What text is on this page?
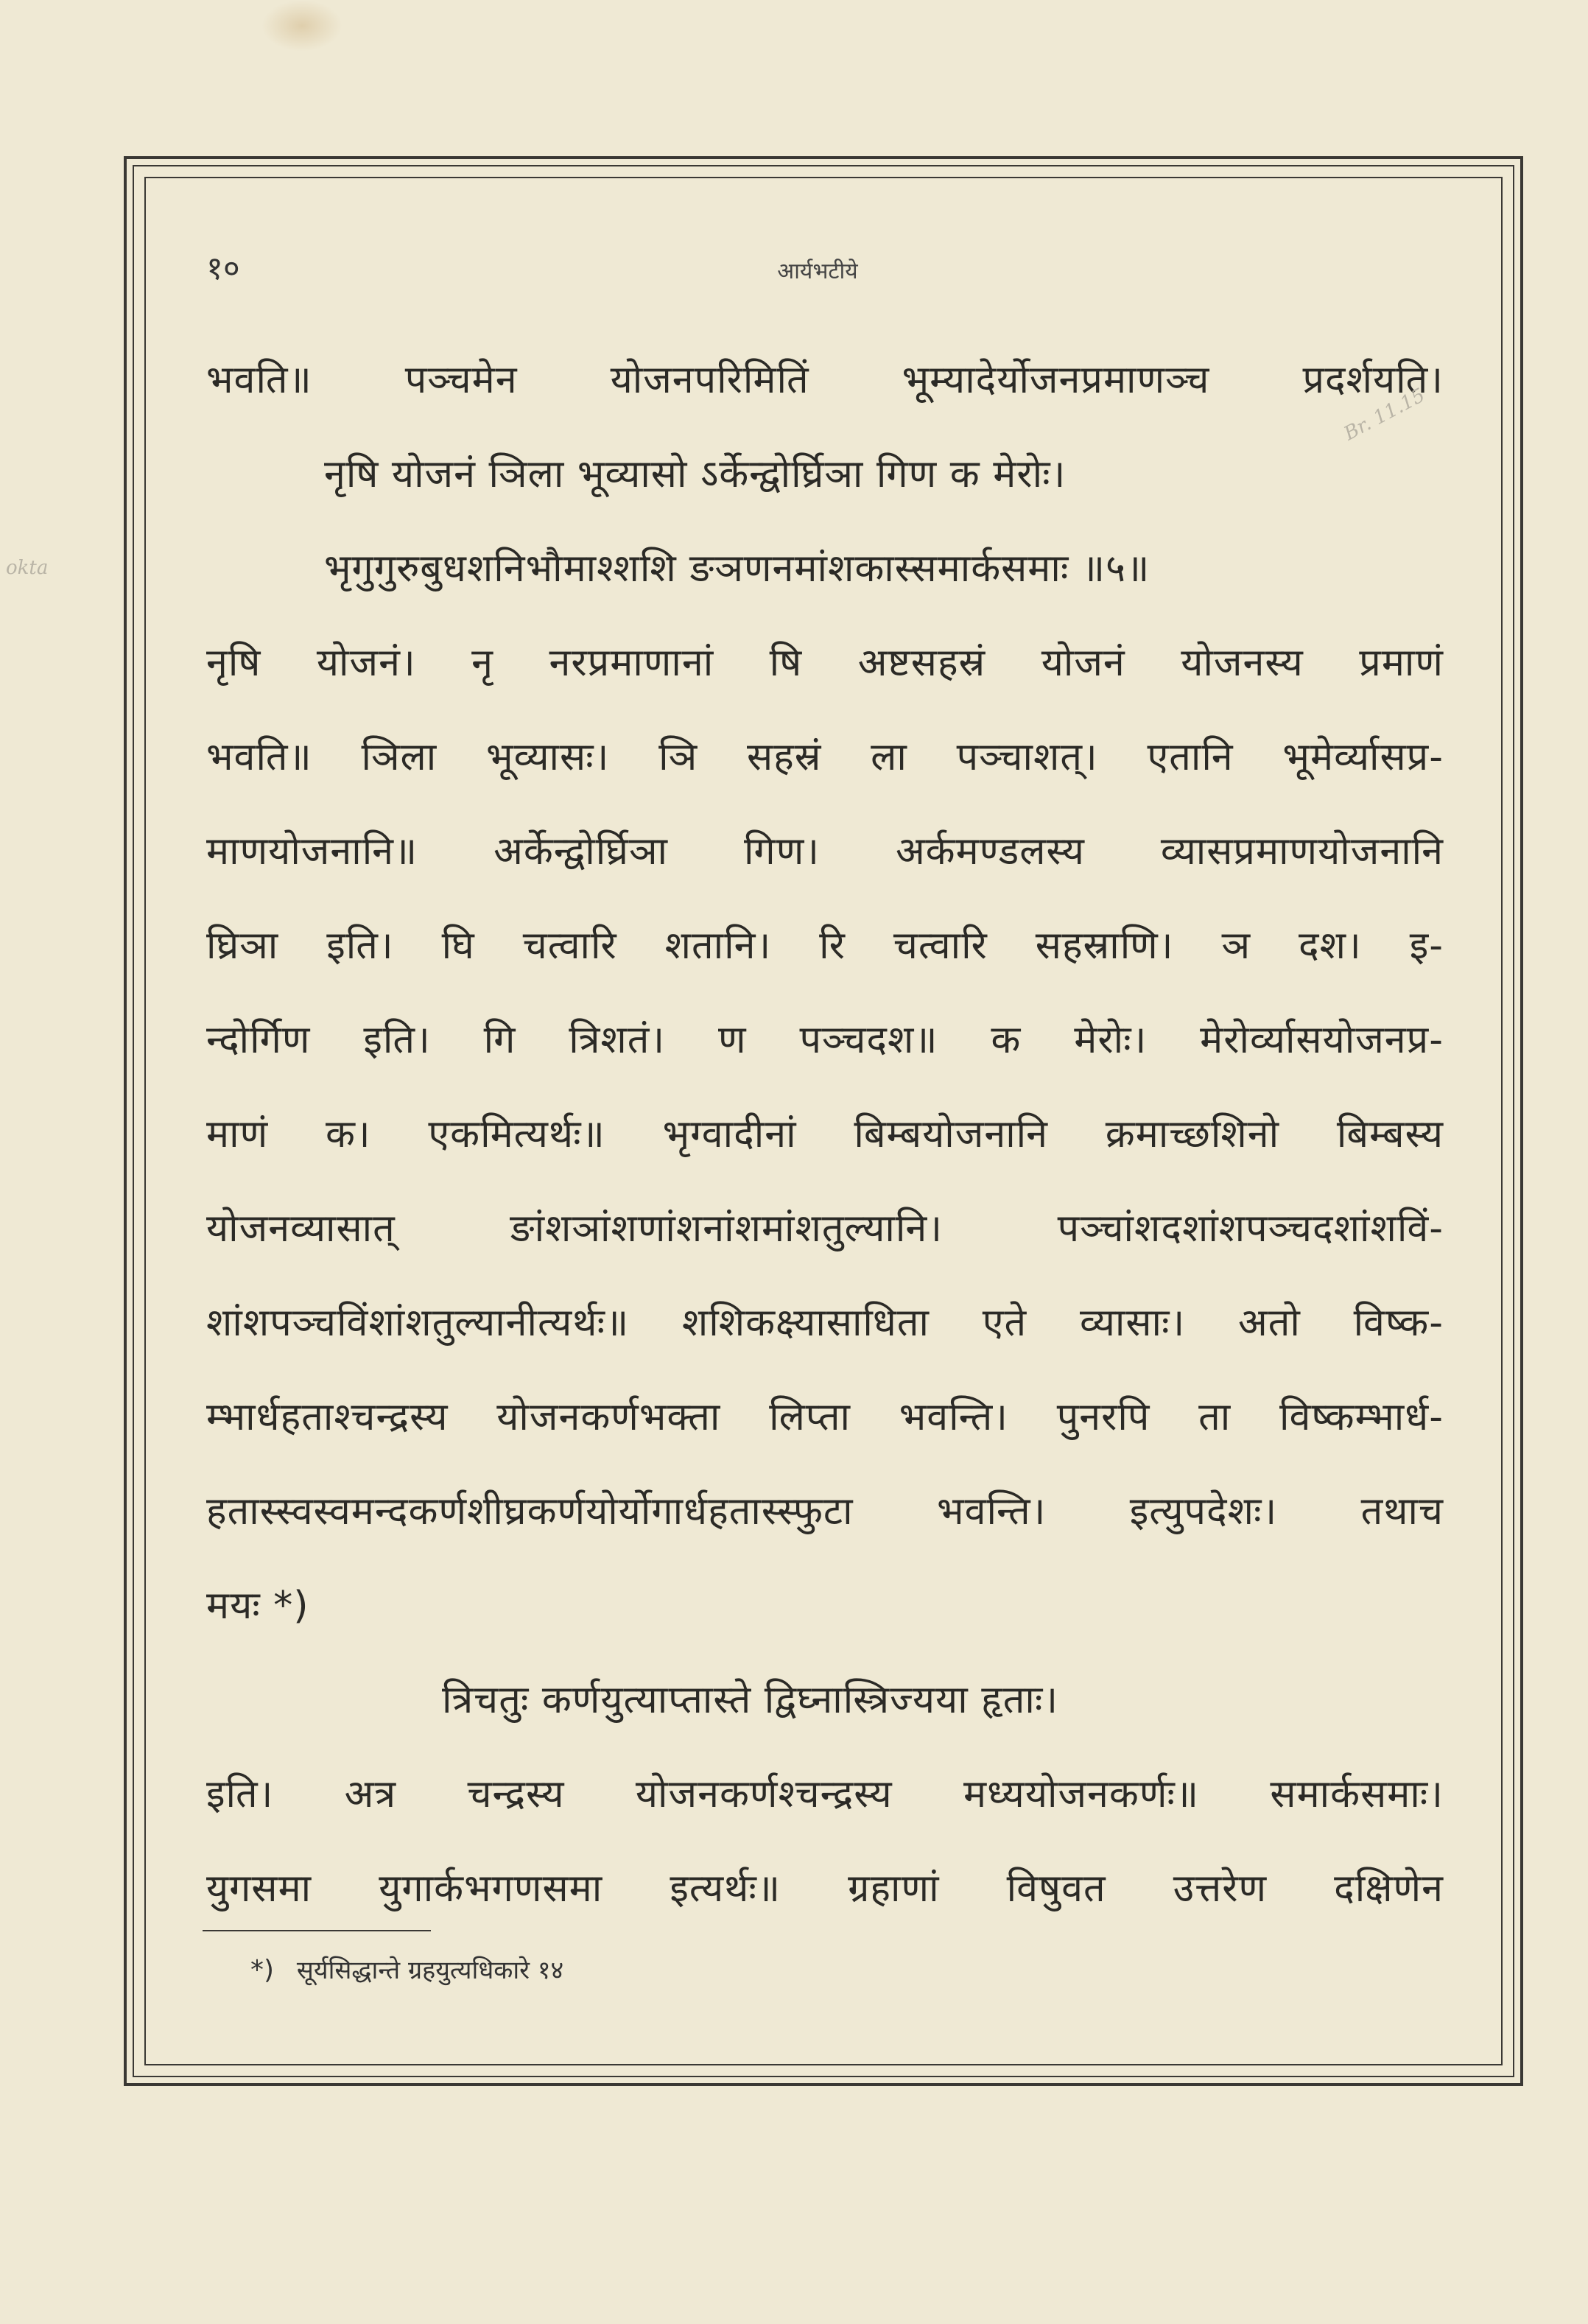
१०	आर्यभटीये
भवति॥ पञ्चमेन योजनपरिमितिं भूम्यादेर्योजनप्रमाणञ्च प्रदर्शयति।
नृषि योजनं ञिला भूव्यासो ऽर्केन्द्वोर्घ्रिञा गिण क मेरोः।
भृगुगुरुबुधशनिभौमाश्शशि ङञणनमांशकास्समार्कसमाः ॥५॥
नृषि योजनं। नृ नरप्रमाणानां षि अष्टसहस्रं योजनं योजनस्य प्रमाणं
भवति॥ ञिला भूव्यासः। ञि सहस्रं ला पञ्चाशत्। एतानि भूमेर्व्यासप्र-
माणयोजनानि॥ अर्केन्द्वोर्घ्रिञा गिण। अर्कमण्डलस्य व्यासप्रमाणयोजनानि
घ्रिञा इति। घि चत्वारि शतानि। रि चत्वारि सहस्राणि। ञ दश। इ-
न्दोर्गिण इति। गि त्रिशतं। ण पञ्चदश॥ क मेरोः। मेरोर्व्यासयोजनप्र-
माणं क। एकमित्यर्थः॥ भृग्वादीनां बिम्बयोजनानि क्रमाच्छशिनो बिम्बस्य
योजनव्यासात् ङांशञांशणांशनांशमांशतुल्यानि। पञ्चांशदशांशपञ्चदशांशविं-
शांशपञ्चविंशांशतुल्यानीत्यर्थः॥ शशिकक्ष्यासाधिता एते व्यासाः। अतो विष्क-
म्भार्धहताश्चन्द्रस्य योजनकर्णभक्ता लिप्ता भवन्ति। पुनरपि ता विष्कम्भार्ध-
हतास्स्वस्वमन्दकर्णशीघ्रकर्णयोर्योगार्धहतास्स्फुटा भवन्ति। इत्युपदेशः। तथाच
मयः *)
त्रिचतुः कर्णयुत्याप्तास्ते द्विघ्नास्त्रिज्यया हृताः।
इति। अत्र चन्द्रस्य योजनकर्णश्चन्द्रस्य मध्ययोजनकर्णः॥ समार्कसमाः।
युगसमा युगार्कभगणसमा इत्यर्थः॥ ग्रहाणां विषुवत उत्तरेण दक्षिणेन
*) सूर्यसिद्धान्ते ग्रहयुत्यधिकारे १४
Br. 11.15
okta
